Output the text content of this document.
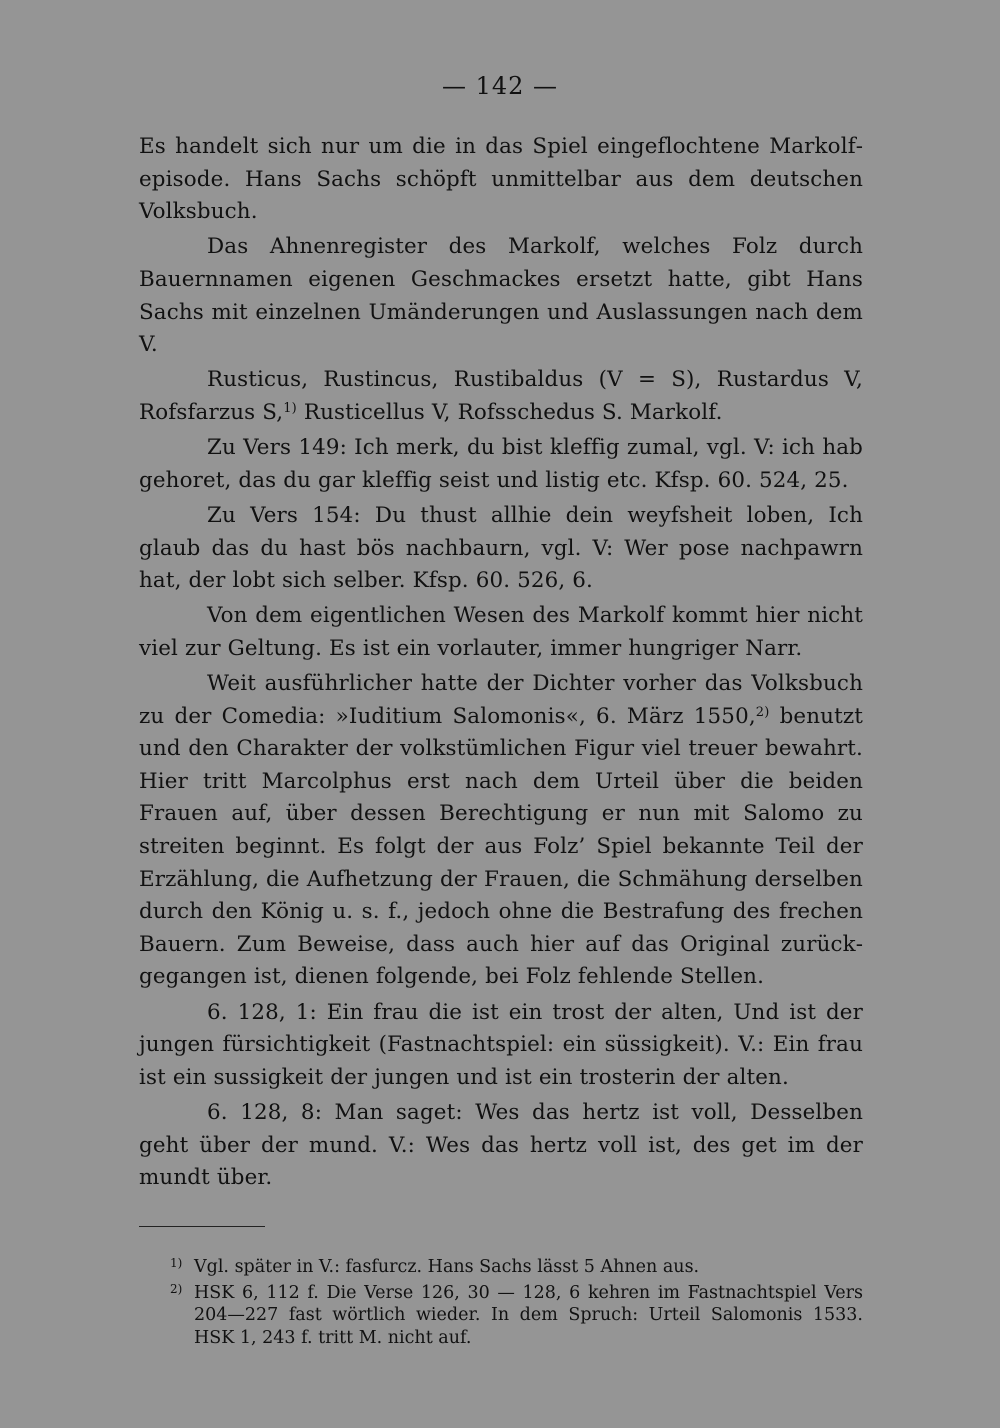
— 142 —

Es handelt sich nur um die in das Spiel eingeflochtene Markolfepisode. Hans Sachs schöpft unmittelbar aus dem deutschen Volksbuch.

Das Ahnenregister des Markolf, welches Folz durch Bauernnamen eigenen Geschmackes ersetzt hatte, gibt Hans Sachs mit einzelnen Umänderungen und Auslassungen nach dem V.

Rusticus, Rustincus, Rustibaldus (V = S), Rustardus V, Rofsfarzus S,$^{1)}$ Rusticellus V, Rofsschedus S. Markolf.

Zu Vers 149: Ich merk, du bist kleffig zumal, vgl. V: ich hab gehoret, das du gar kleffig seist und listig etc. Kfsp. 60. 524, 25.

Zu Vers 154: Du thust allhie dein weyfsheit loben, Ich glaub das du hast bös nachbaurn, vgl. V: Wer pose nachpawrn hat, der lobt sich selber. Kfsp. 60. 526, 6.

Von dem eigentlichen Wesen des Markolf kommt hier nicht viel zur Geltung. Es ist ein vorlauter, immer hungriger Narr.

Weit ausführlicher hatte der Dichter vorher das Volksbuch zu der Comedia: »Iuditium Salomonis«, 6. März 1550,$^{2)}$ benutzt und den Charakter der volkstümlichen Figur viel treuer bewahrt. Hier tritt Marcolphus erst nach dem Urteil über die beiden Frauen auf, über dessen Berechtigung er nun mit Salomo zu streiten beginnt. Es folgt der aus Folz’ Spiel bekannte Teil der Erzählung, die Aufhetzung der Frauen, die Schmähung derselben durch den König u. s. f., jedoch ohne die Bestrafung des frechen Bauern. Zum Beweise, dass auch hier auf das Original zurückgegangen ist, dienen folgende, bei Folz fehlende Stellen.

6. 128, 1: Ein frau die ist ein trost der alten, Und ist der jungen fürsichtigkeit (Fastnachtspiel: ein süssigkeit). V.: Ein frau ist ein sussigkeit der jungen und ist ein trosterin der alten.

6. 128, 8: Man saget: Wes das hertz ist voll, Desselben geht über der mund. V.: Wes das hertz voll ist, des get im der mundt über.

1) Vgl. später in V.: fasfurcz. Hans Sachs lässt 5 Ahnen aus.
2) HSK 6, 112 f. Die Verse 126, 30 — 128, 6 kehren im Fastnachtspiel Vers 204—227 fast wörtlich wieder. In dem Spruch: Urteil Salomonis 1533. HSK 1, 243 f. tritt M. nicht auf.
